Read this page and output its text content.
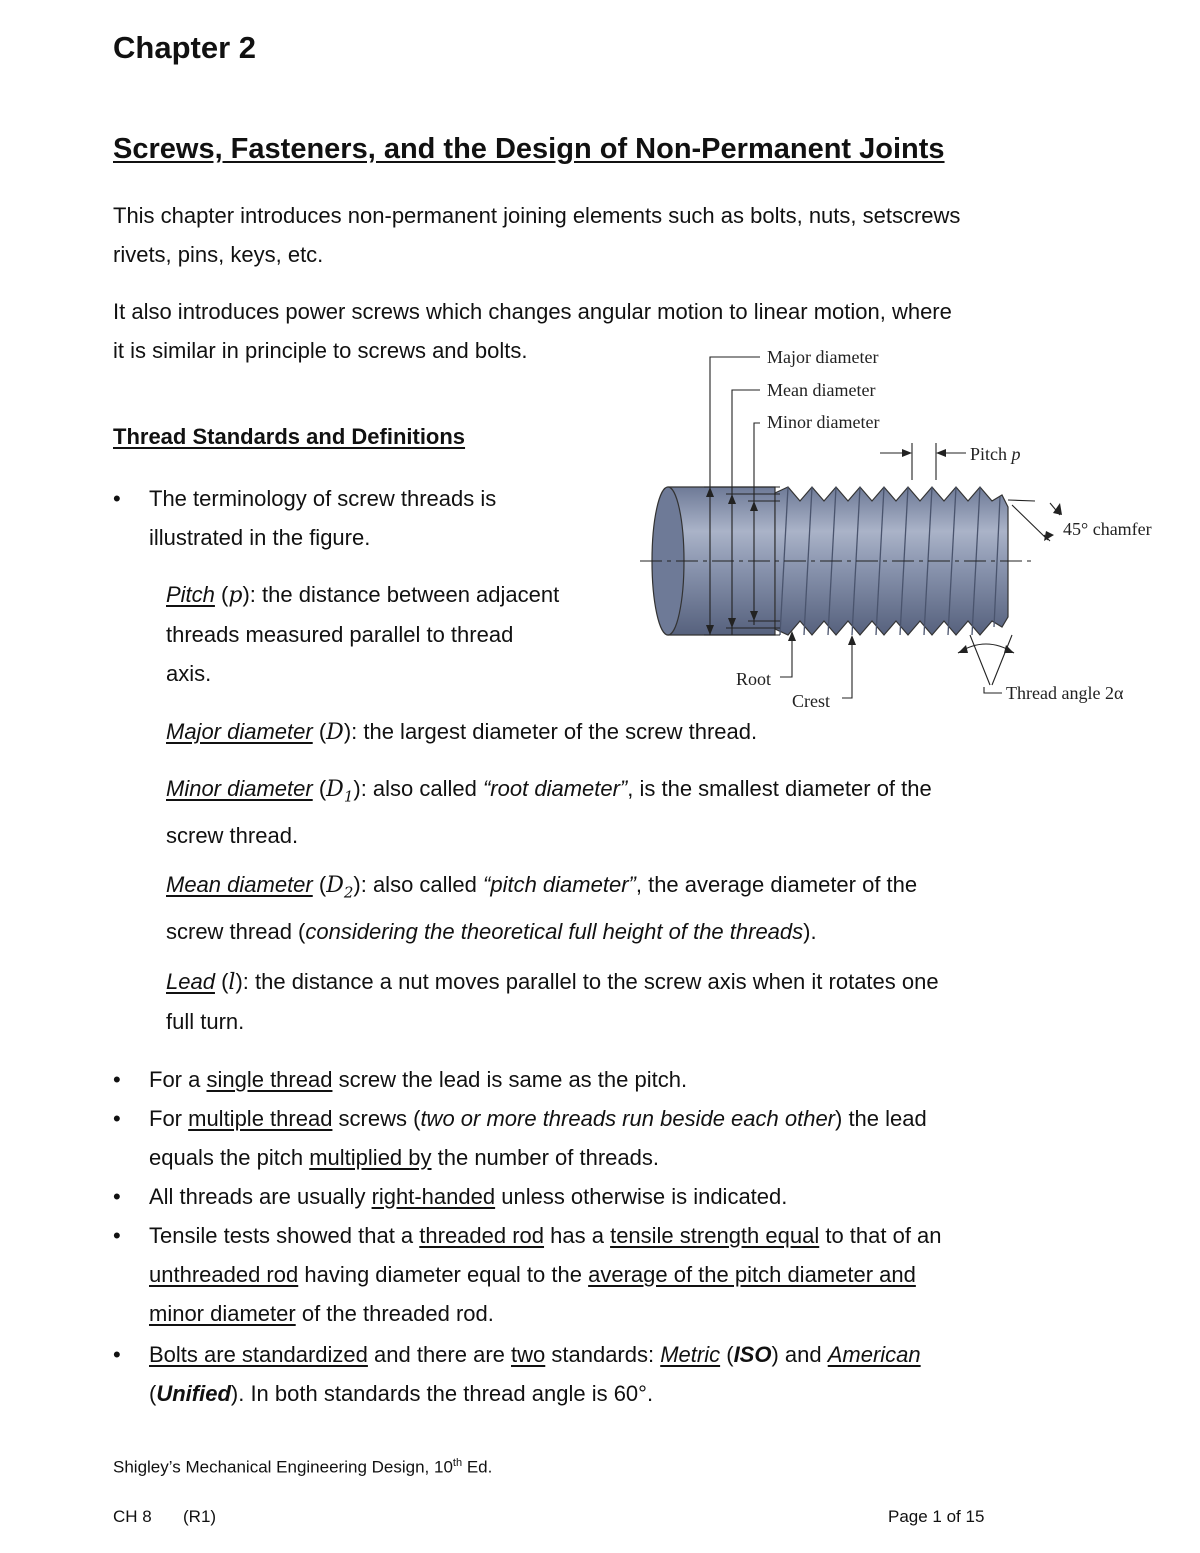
Chapter 2
Screws, Fasteners, and the Design of Non-Permanent Joints
This chapter introduces non-permanent joining elements such as bolts, nuts, setscrews
rivets, pins, keys, etc.
It also introduces power screws which changes angular motion to linear motion, where
it is similar in principle to screws and bolts.
Thread Standards and Definitions
• The terminology of screw threads is
illustrated in the figure.
Pitch (p): the distance between adjacent
threads measured parallel to thread
axis.
Major diameter (D): the largest diameter of the screw thread.
Minor diameter $(D_1)$: also called “root diameter”, is the smallest diameter of the
screw thread.
Mean diameter $(D_2)$: also called “pitch diameter”, the average diameter of the
screw thread (considering the theoretical full height of the threads).
Lead (l): the distance a nut moves parallel to the screw axis when it rotates one
full turn.
• For a single thread screw the lead is same as the pitch.
• For multiple thread screws (two or more threads run beside each other) the lead
equals the pitch multiplied by the number of threads.
• All threads are usually right-handed unless otherwise is indicated.
• Tensile tests showed that a threaded rod has a tensile strength equal to that of an
unthreaded rod having diameter equal to the average of the pitch diameter and
minor diameter of the threaded rod.
• Bolts are standardized and there are two standards: Metric (ISO) and American
(Unified). In both standards the thread angle is 60°.
Major diameter
Mean diameter
Minor diameter
Pitch p
45° chamfer
Root
Crest	Thread angle 2α
Shigley’s Mechanical Engineering Design, 10th Ed.
CH 8 (R1)	Page 1 of 15
